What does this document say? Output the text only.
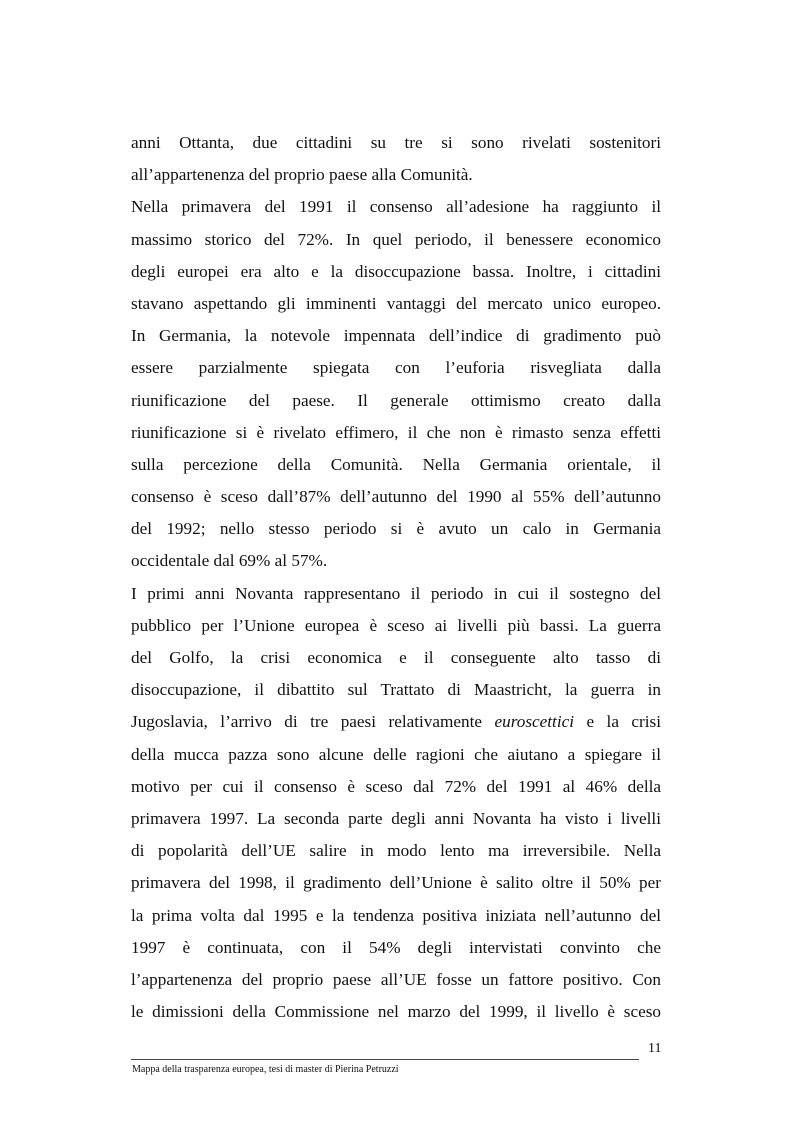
anni Ottanta, due cittadini su tre si sono rivelati sostenitori
all’appartenenza del proprio paese alla Comunità.

Nella primavera del 1991 il consenso all’adesione ha raggiunto il
massimo storico del 72%. In quel periodo, il benessere economico
degli europei era alto e la disoccupazione bassa. Inoltre, i cittadini
stavano aspettando gli imminenti vantaggi del mercato unico europeo.
In Germania, la notevole impennata dell’indice di gradimento può
essere parzialmente spiegata con l’euforia risvegliata dalla
riunificazione del paese. Il generale ottimismo creato dalla
riunificazione si è rivelato effimero, il che non è rimasto senza effetti
sulla percezione della Comunità. Nella Germania orientale, il
consenso è sceso dall’87% dell’autunno del 1990 al 55% dell’autunno
del 1992; nello stesso periodo si è avuto un calo in Germania
occidentale dal 69% al 57%.

I primi anni Novanta rappresentano il periodo in cui il sostegno del
pubblico per l’Unione europea è sceso ai livelli più bassi. La guerra
del Golfo, la crisi economica e il conseguente alto tasso di
disoccupazione, il dibattito sul Trattato di Maastricht, la guerra in
Jugoslavia, l’arrivo di tre paesi relativamente euroscettici e la crisi
della mucca pazza sono alcune delle ragioni che aiutano a spiegare il
motivo per cui il consenso è sceso dal 72% del 1991 al 46% della
primavera 1997. La seconda parte degli anni Novanta ha visto i livelli
di popolarità dell’UE salire in modo lento ma irreversibile. Nella
primavera del 1998, il gradimento dell’Unione è salito oltre il 50% per
la prima volta dal 1995 e la tendenza positiva iniziata nell’autunno del
1997 è continuata, con il 54% degli intervistati convinto che
l’appartenenza del proprio paese all’UE fosse un fattore positivo. Con
le dimissioni della Commissione nel marzo del 1999, il livello è sceso

11
Mappa della trasparenza europea, tesi di master di Pierina Petruzzi
